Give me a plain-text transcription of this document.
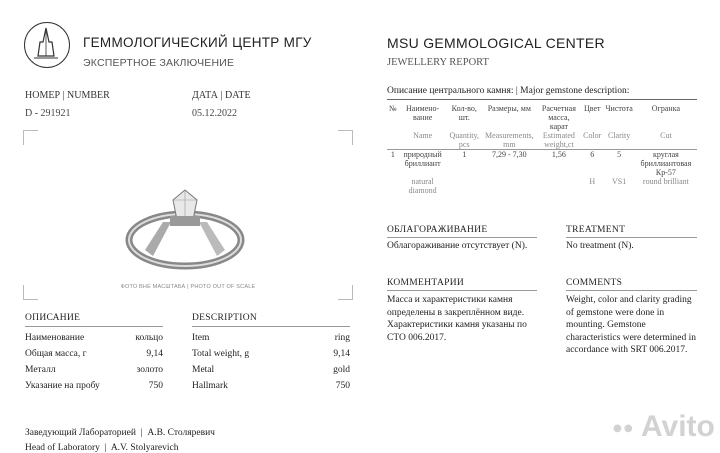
ГЕММОЛОГИЧЕСКИЙ ЦЕНТР МГУ
ЭКСПЕРТНОЕ ЗАКЛЮЧЕНИЕ
MSU GEMMOLOGICAL CENTER
JEWELLERY REPORT
НОМЕР | NUMBER
D - 291921
ДАТА | DATE
05.12.2022
ФОТО ВНЕ МАСШТАБА | PHOTO OUT OF SCALE
ОПИСАНИЕ	DESCRIPTION
Наименование	кольцо
Общая масса, г	9,14
Металл	золото
Указание на пробу	750
Item	ring
Total weight, g	9,14
Metal	gold
Hallmark	750
Заведующий Лабораторией  |  А.В. Столяревич
Head of Laboratory  |  A.V. Stolyarevich
Описание центрального камня: | Major gemstone description:
№	Наимено-вание	Кол-во, шт.	Размеры, мм	Расчетная масса, карат	Цвет	Чистота	Огранка
	Name	Quantity, pcs	Measurements, mm	Estimated weight,ct	Color	Clarity	Cut
1	природный бриллиант	1	7,29 - 7,30	1,56	6	5	круглая бриллиантовая Кр-57
	natural diamond				H	VS1	round brilliant
ОБЛАГОРАЖИВАНИЕ
Облагораживание отсутствует (N).
TREATMENT
No treatment (N).
КОММЕНТАРИИ
Масса и характеристики камня определены в закреплённом виде. Характеристики камня указаны по СТО 006.2017.
COMMENTS
Weight, color and clarity grading of gemstone were done in mounting. Gemstone characteristics were determined in accordance with SRT 006.2017.
●● Avito
